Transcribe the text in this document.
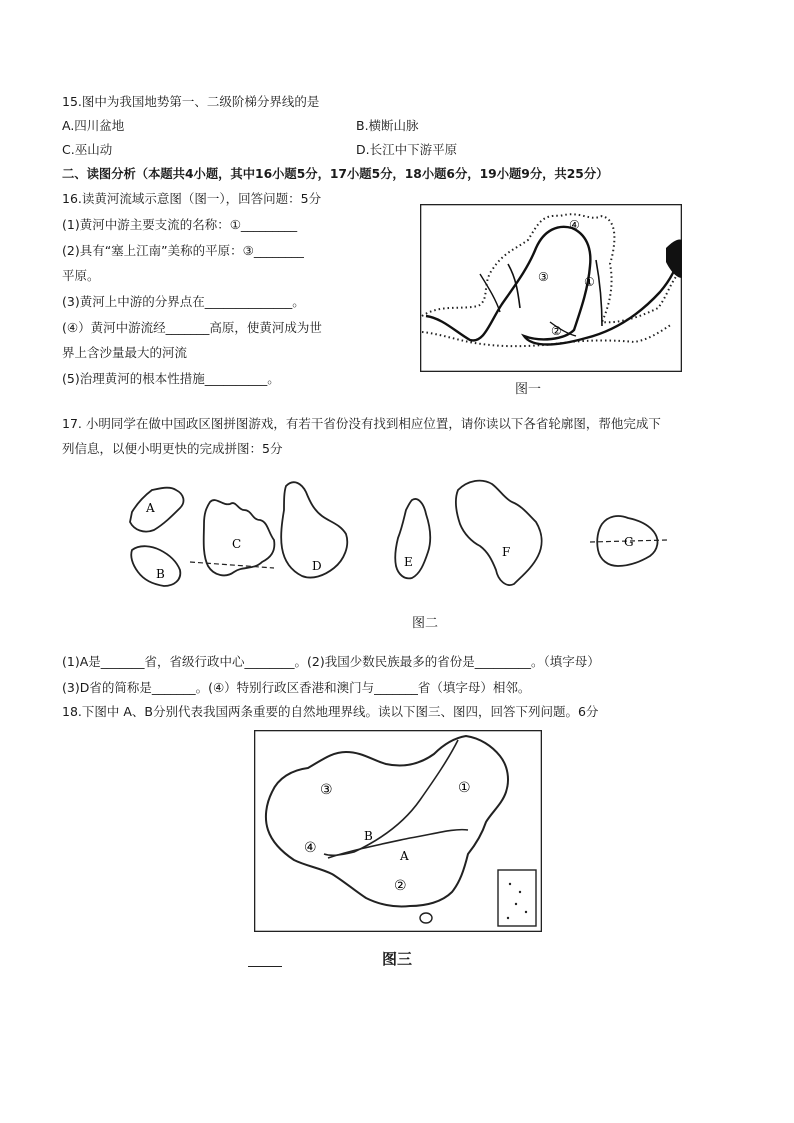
15.图中为我国地势第一、二级阶梯分界线的是
A.四川盆地	B.横断山脉
C.巫山动	D.长江中下游平原
二、读图分析（本题共4小题，其中16小题5分，17小题5分，18小题6分，19小题9分，共25分）
16.读黄河流域示意图（图一），回答问题：5分
(1)黄河中游主要支流的名称：①_________
(2)具有“塞上江南”美称的平原：③________
平原。
(3)黄河上中游的分界点在______________。
(④）黄河中游流经_______高原，使黄河成为世
界上含沙量最大的河流
(5)治理黄河的根本性措施__________。
④
③	①
②
图一
17. 小明同学在做中国政区图拼图游戏，有若干省份没有找到相应位置，请你读以下各省轮廓图，帮他完成下
列信息，以便小明更快的完成拼图：5分
A
B
C
D	E
F
G
图二
(1)A是_______省，省级行政中心________。(2)我国少数民族最多的省份是_________。（填字母）
(3)D省的简称是_______。(④）特别行政区香港和澳门与_______省（填字母）相邻。
18.下图中 A、B分别代表我国两条重要的自然地理界线。读以下图三、图四，回答下列问题。6分
①
②
③
④	A
B
图三
